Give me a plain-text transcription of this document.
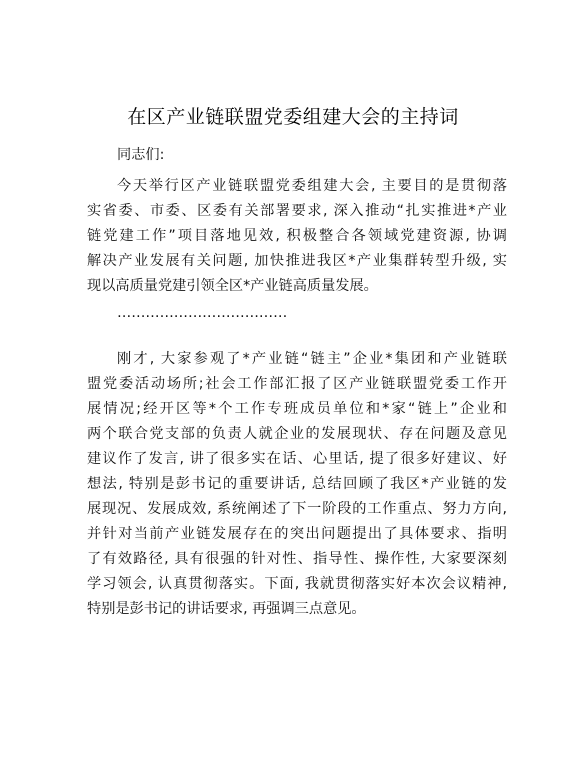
在区产业链联盟党委组建大会的主持词
同志们:
今天举行区产业链联盟党委组建大会, 主要目的是贯彻落
实省委、市委、区委有关部署要求, 深入推动“扎实推进*产业
链党建工作”项目落地见效, 积极整合各领域党建资源, 协调
解决产业发展有关问题, 加快推进我区*产业集群转型升级, 实
现以高质量党建引领全区*产业链高质量发展。
………………………………
刚才, 大家参观了*产业链“链主”企业*集团和产业链联
盟党委活动场所;社会工作部汇报了区产业链联盟党委工作开
展情况;经开区等*个工作专班成员单位和*家“链上”企业和
两个联合党支部的负责人就企业的发展现状、存在问题及意见
建议作了发言, 讲了很多实在话、心里话, 提了很多好建议、好
想法, 特别是彭书记的重要讲话, 总结回顾了我区*产业链的发
展现况、发展成效, 系统阐述了下一阶段的工作重点、努力方向,
并针对当前产业链发展存在的突出问题提出了具体要求、指明
了有效路径, 具有很强的针对性、指导性、操作性, 大家要深刻
学习领会, 认真贯彻落实。下面, 我就贯彻落实好本次会议精神,
特别是彭书记的讲话要求, 再强调三点意见。
